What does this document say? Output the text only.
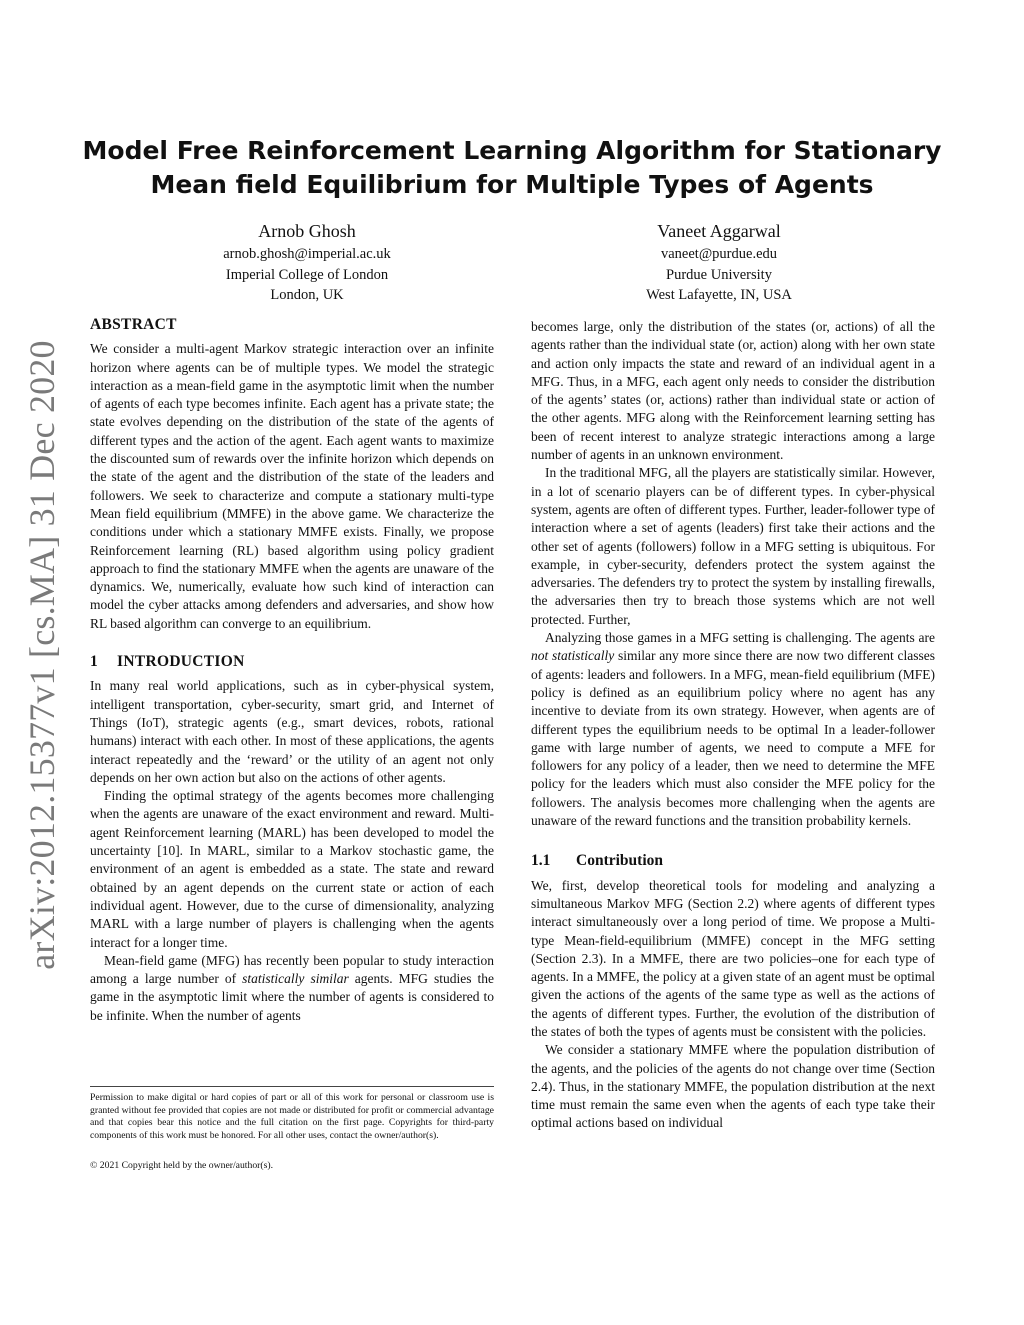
arXiv:2012.15377v1 [cs.MA] 31 Dec 2020
Model Free Reinforcement Learning Algorithm for Stationary Mean field Equilibrium for Multiple Types of Agents
Arnob Ghosh
arnob.ghosh@imperial.ac.uk
Imperial College of London
London, UK
Vaneet Aggarwal
vaneet@purdue.edu
Purdue University
West Lafayette, IN, USA
ABSTRACT

We consider a multi-agent Markov strategic interaction over an infinite horizon where agents can be of multiple types. We model the strategic interaction as a mean-field game in the asymptotic limit when the number of agents of each type becomes infinite. Each agent has a private state; the state evolves depending on the distribution of the state of the agents of different types and the action of the agent. Each agent wants to maximize the discounted sum of rewards over the infinite horizon which depends on the state of the agent and the distribution of the state of the leaders and followers. We seek to characterize and compute a stationary multi-type Mean field equilibrium (MMFE) in the above game. We characterize the conditions under which a stationary MMFE exists. Finally, we propose Reinforcement learning (RL) based algorithm using policy gradient approach to find the stationary MMFE when the agents are unaware of the dynamics. We, numerically, evaluate how such kind of interaction can model the cyber attacks among defenders and adversaries, and show how RL based algorithm can converge to an equilibrium.

1 INTRODUCTION

In many real world applications, such as in cyber-physical system, intelligent transportation, cyber-security, smart grid, and Internet of Things (IoT), strategic agents (e.g., smart devices, robots, rational humans) interact with each other. In most of these applications, the agents interact repeatedly and the ‘reward’ or the utility of an agent not only depends on her own action but also on the actions of other agents.

Finding the optimal strategy of the agents becomes more challenging when the agents are unaware of the exact environment and reward. Multi-agent Reinforcement learning (MARL) has been developed to model the uncertainty [10]. In MARL, similar to a Markov stochastic game, the environment of an agent is embedded as a state. The state and reward obtained by an agent depends on the current state or action of each individual agent. However, due to the curse of dimensionality, analyzing MARL with a large number of players is challenging when the agents interact for a longer time.

Mean-field game (MFG) has recently been popular to study interaction among a large number of statistically similar agents. MFG studies the game in the asymptotic limit where the number of agents is considered to be infinite. When the number of agents

Permission to make digital or hard copies of part or all of this work for personal or classroom use is granted without fee provided that copies are not made or distributed for profit or commercial advantage and that copies bear this notice and the full citation on the first page. Copyrights for third-party components of this work must be honored. For all other uses, contact the owner/author(s).

© 2021 Copyright held by the owner/author(s).

becomes large, only the distribution of the states (or, actions) of all the agents rather than the individual state (or, action) along with her own state and action only impacts the state and reward of an individual agent in a MFG. Thus, in a MFG, each agent only needs to consider the distribution of the agents’ states (or, actions) rather than individual state or action of the other agents. MFG along with the Reinforcement learning setting has been of recent interest to analyze strategic interactions among a large number of agents in an unknown environment.

In the traditional MFG, all the players are statistically similar. However, in a lot of scenario players can be of different types. In cyber-physical system, agents are often of different types. Further, leader-follower type of interaction where a set of agents (leaders) first take their actions and the other set of agents (followers) follow in a MFG setting is ubiquitous. For example, in cyber-security, defenders protect the system against the adversaries. The defenders try to protect the system by installing firewalls, the adversaries then try to breach those systems which are not well protected. Further,

Analyzing those games in a MFG setting is challenging. The agents are not statistically similar any more since there are now two different classes of agents: leaders and followers. In a MFG, mean-field equilibrium (MFE) policy is defined as an equilibrium policy where no agent has any incentive to deviate from its own strategy. However, when agents are of different types the equilibrium needs to be optimal In a leader-follower game with large number of agents, we need to compute a MFE for followers for any policy of a leader, then we need to determine the MFE policy for the leaders which must also consider the MFE policy for the followers. The analysis becomes more challenging when the agents are unaware of the reward functions and the transition probability kernels.

1.1 Contribution

We, first, develop theoretical tools for modeling and analyzing a simultaneous Markov MFG (Section 2.2) where agents of different types interact simultaneously over a long period of time. We propose a Multi-type Mean-field-equilibrium (MMFE) concept in the MFG setting (Section 2.3). In a MMFE, there are two policies–one for each type of agents. In a MMFE, the policy at a given state of an agent must be optimal given the actions of the agents of the same type as well as the actions of the agents of different types. Further, the evolution of the distribution of the states of both the types of agents must be consistent with the policies.

We consider a stationary MMFE where the population distribution of the agents, and the policies of the agents do not change over time (Section 2.4). Thus, in the stationary MMFE, the population distribution at the next time must remain the same even when the agents of each type take their optimal actions based on individual
